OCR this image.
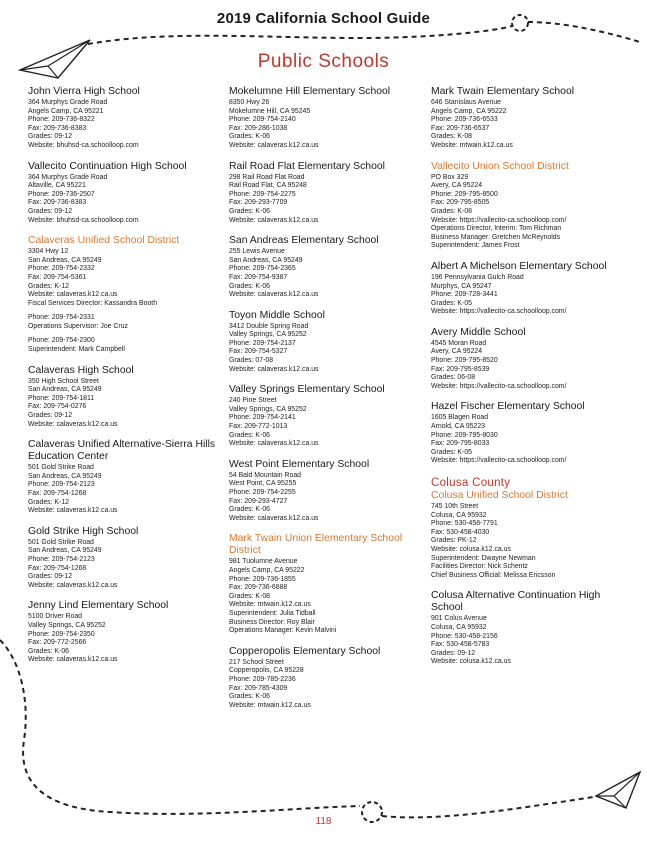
2019 California School Guide
Public Schools
John Vierra High School
364 Murphys Grade Road
Angels Camp, CA 95221
Phone: 209-736-8322
Fax: 209-736-8383
Grades: 09-12
Website: bhuhsd-ca.schoolloop.com
Vallecito Continuation High School
364 Murphys Grade Road
Altaville, CA 95221
Phone: 209-736-2507
Fax: 209-736-8383
Grades: 09-12
Website: bhuhsd-ca.schoolloop.com
Calaveras Unified School District
3304 Hwy 12
San Andreas, CA 95249
Phone: 209-754-2332
Fax: 209-754-5361
Grades: K-12
Website: calaveras.k12.ca.us
Fiscal Services Director: Kassandra Booth
Phone: 209-754-2331
Operations Supervisor: Joe Cruz
Phone: 209-754-2300
Superintendent: Mark Campbell
Calaveras High School
350 High School Street
San Andreas, CA 95249
Phone: 209-754-1811
Fax: 209-754-0276
Grades: 09-12
Website: calaveras.k12.ca.us
Calaveras Unified Alternative-Sierra Hills Education Center
501 Gold Strike Road
San Andreas, CA 95249
Phone: 209-754-2123
Fax: 209-754-1268
Grades: K-12
Website: calaveras.k12.ca.us
Gold Strike High School
501 Gold Strike Road
San Andreas, CA 95249
Phone: 209-754-2123
Fax: 209-754-1268
Grades: 09-12
Website: calaveras.k12.ca.us
Jenny Lind Elementary School
5100 Driver Road
Valley Springs, CA 95252
Phone: 209-754-2350
Fax: 209-772-2566
Grades: K-06
Website: calaveras.k12.ca.us
Mokelumne Hill Elementary School
8350 Hwy 26
Mokelumne Hill, CA 95245
Phone: 209-754-2140
Fax: 209-286-1038
Grades: K-06
Website: calaveras.k12.ca.us
Rail Road Flat Elementary School
298 Rail Road Flat Road
Rail Road Flat, CA 95248
Phone: 209-754-2275
Fax: 209-293-7709
Grades: K-06
Website: calaveras.k12.ca.us
San Andreas Elementary School
255 Lewis Avenue
San Andreas, CA 95249
Phone: 209-754-2365
Fax: 209-754-9387
Grades: K-06
Website: calaveras.k12.ca.us
Toyon Middle School
3412 Double Spring Road
Valley Springs, CA 95252
Phone: 209-754-2137
Fax: 209-754-5327
Grades: 07-08
Website: calaveras.k12.ca.us
Valley Springs Elementary School
240 Pine Street
Valley Springs, CA 95252
Phone: 209-754-2141
Fax: 209-772-1013
Grades: K-06
Website: calaveras.k12.ca.us
West Point Elementary School
54 Bald Mountain Road
West Point, CA 95255
Phone: 209-754-2255
Fax: 209-293-4727
Grades: K-06
Website: calaveras.k12.ca.us
Mark Twain Union Elementary School District
981 Tuolumne Avenue
Angels Camp, CA 95222
Phone: 209-736-1855
Fax: 209-736-6888
Grades: K-08
Website: mtwain.k12.ca.us
Superintendent: Julia Tidball
Business Director: Roy Blair
Operations Manager: Kevin Malvini
Copperopolis Elementary School
217 School Street
Copperopolis, CA 95228
Phone: 209-785-2236
Fax: 209-785-4309
Grades: K-06
Website: mtwain.k12.ca.us
Mark Twain Elementary School
646 Stanislaus Avenue
Angels Camp, CA 95222
Phone: 209-736-6533
Fax: 209-736-6537
Grades: K-08
Website: mtwain.k12.ca.us
Vallecito Union School District
PO Box 329
Avery, CA 95224
Phone: 209-795-8500
Fax: 209-795-8505
Grades: K-08
Website: https://vallecito-ca.schoolloop.com/
Operations Director, Interim: Tom Richman
Business Manager: Gretchen McReynolds
Superintendent: James Frost
Albert A Michelson Elementary School
196 Pennsylvania Gulch Road
Murphys, CA 95247
Phone: 209-728-3441
Grades: K-05
Website: https://vallecito-ca.schoolloop.com/
Avery Middle School
4545 Moran Road
Avery, CA 95224
Phone: 209-795-8520
Fax: 209-795-8539
Grades: 06-08
Website: https://vallecito-ca.schoolloop.com/
Hazel Fischer Elementary School
1605 Blagen Road
Arnold, CA 95223
Phone: 209-795-8030
Fax: 209-795-8033
Grades: K-05
Website: https://vallecito-ca.schoolloop.com/
Colusa County
Colusa Unified School District
745 10th Street
Colusa, CA 95932
Phone: 530-458-7791
Fax: 530-458-4030
Grades: PK-12
Website: colusa.k12.ca.us
Superintendent: Dwayne Newman
Facilities Director: Nick Schentz
Chief Business Official: Melissa Ericsson
Colusa Alternative Continuation High School
901 Colus Avenue
Colusa, CA 95932
Phone: 530-458-2156
Fax: 530-458-5783
Grades: 09-12
Website: colusa.k12.ca.us
118
